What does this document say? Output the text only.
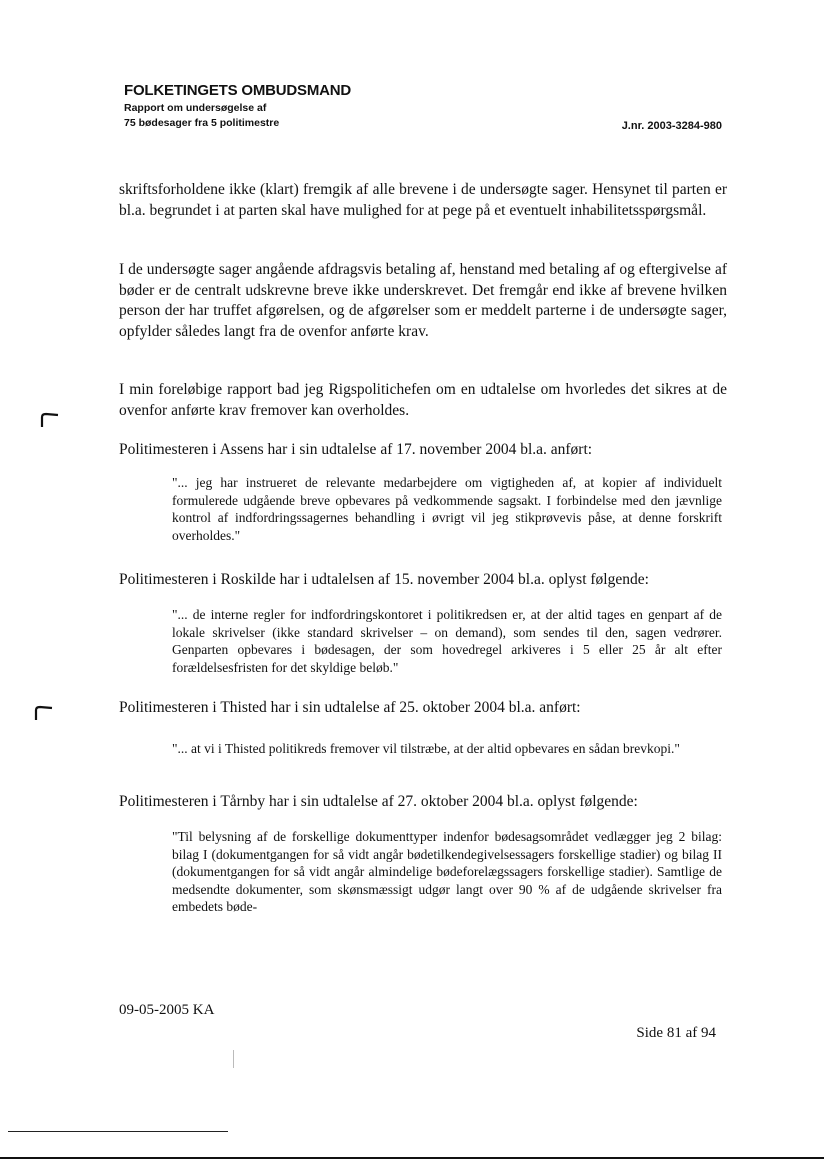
FOLKETINGETS OMBUDSMAND
Rapport om undersøgelse af
75 bødesager fra 5 politimestre	J.nr. 2003-3284-980
skriftsforholdene ikke (klart) fremgik af alle brevene i de undersøgte sager. Hensynet til parten er bl.a. begrundet i at parten skal have mulighed for at pege på et eventuelt inhabilitetsspørgsmål.
I de undersøgte sager angående afdragsvis betaling af, henstand med betaling af og eftergivelse af bøder er de centralt udskrevne breve ikke underskrevet. Det fremgår end ikke af brevene hvilken person der har truffet afgørelsen, og de afgørelser som er meddelt parterne i de undersøgte sager, opfylder således langt fra de ovenfor anførte krav.
I min foreløbige rapport bad jeg Rigspolitichefen om en udtalelse om hvorledes det sikres at de ovenfor anførte krav fremover kan overholdes.
Politimesteren i Assens har i sin udtalelse af 17. november 2004 bl.a. anført:
"... jeg har instrueret de relevante medarbejdere om vigtigheden af, at kopier af individuelt formulerede udgående breve opbevares på vedkommende sagsakt. I forbindelse med den jævnlige kontrol af indfordringssagernes behandling i øvrigt vil jeg stikprøvevis påse, at denne forskrift overholdes."
Politimesteren i Roskilde har i udtalelsen af 15. november 2004 bl.a. oplyst følgende:
"... de interne regler for indfordringskontoret i politikredsen er, at der altid tages en genpart af de lokale skrivelser (ikke standard skrivelser – on demand), som sendes til den, sagen vedrører. Genparten opbevares i bødesagen, der som hovedregel arkiveres i 5 eller 25 år alt efter forældelsesfristen for det skyldige beløb."
Politimesteren i Thisted har i sin udtalelse af 25. oktober 2004 bl.a. anført:
"... at vi i Thisted politikreds fremover vil tilstræbe, at der altid opbevares en sådan brevkopi."
Politimesteren i Tårnby har i sin udtalelse af 27. oktober 2004 bl.a. oplyst følgende:
"Til belysning af de forskellige dokumenttyper indenfor bødesagsområdet vedlægger jeg 2 bilag: bilag I (dokumentgangen for så vidt angår bødetilkendegivelsessagers forskellige stadier) og bilag II (dokumentgangen for så vidt angår almindelige bødeforelægssagers forskellige stadier). Samtlige de medsendte dokumenter, som skønsmæssigt udgør langt over 90 % af de udgående skrivelser fra embedets bøde-
09-05-2005 KA
Side 81 af 94
